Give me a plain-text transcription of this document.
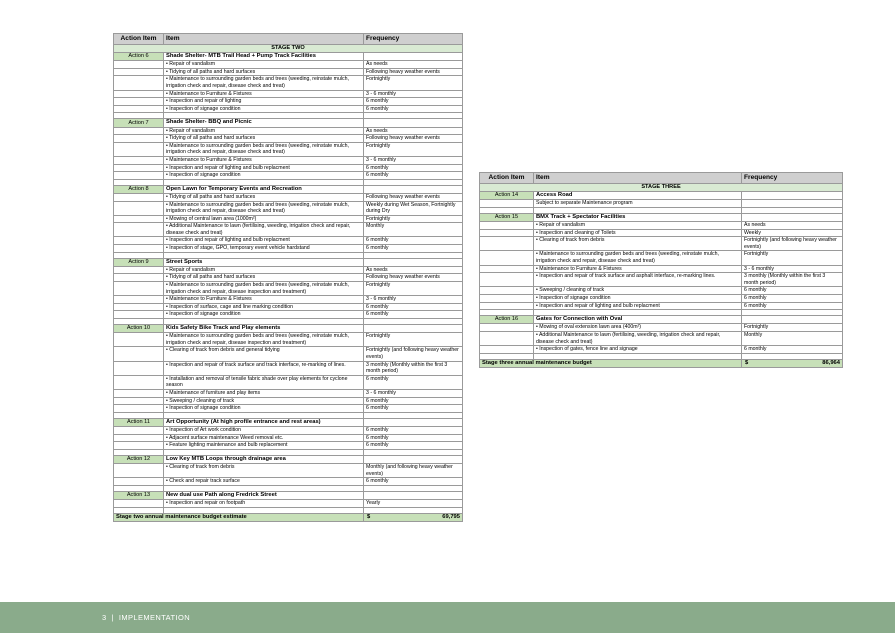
Action Item	Item	Frequency
STAGE TWO		
Action 6	Shade Shelter- MTB Trail Head + Pump Track Facilities	
	• Repair of vandalism	As needs
	• Tidying of all paths and hard surfaces	Following heavy weather events
	• Maintenance to surrounding garden beds and trees (weeding, reinstate mulch, irrigation check and repair, disease check and treat)	Fortnightly
	• Maintenance to Furniture & Fixtures	3 - 6 monthly
	• Inspection and repair of lighting	6 monthly
	• Inspection of signage condition	6 monthly

Action 7	Shade Shelter- BBQ and Picnic	
	• Repair of vandalism	As needs
	• Tidying of all paths and hard surfaces	Following heavy weather events
	• Maintenance to surrounding garden beds and trees (weeding, reinstate mulch, irrigation check and repair, disease check and treat)	Fortnightly
	• Maintenance to Furniture & Fixtures	3 - 6 monthly
	• Inspection and repair of lighting and bulb replacment	6 monthly
	• Inspection of signage condition	6 monthly

Action 8	Open Lawn for Temporary Events and Recreation	
	• Tidying of all paths and hard surfaces	Following heavy weather events
	• Maintenance to surrounding garden beds and trees (weeding, reinstate mulch, irrigation check and repair, disease check and treat)	Weekly during Wet Season, Fortnightly during Dry
	• Mowing of central lawn area (1000m²)	Fortnightly
	• Additional Maintenance to lawn (fertilising, weeding, irrigation check and repair, disease check and treat)	Monthly
	• Inspection and repair of lighting and bulb replacment	6 monthly
	• Inspection of stage, GPO, temporary event vehicle hardstand	6 monthly

Action 9	Street Sports	
	• Repair of vandalism	As needs
	• Tidying of all paths and hard surfaces	Following heavy weather events
	• Maintenance to surrounding garden beds and trees (weeding, reinstate mulch, irrigation check and repair, disease inspection and treatment)	Fortnightly
	• Maintenance to Furniture & Fixtures	3 - 6 monthly
	• Inspection of surface, cage and line marking condition	6 monthly
	• Inspection of signage condition	6 monthly

Action 10	Kids Safety Bike Track and Play elements	
	• Maintenance to surrounding garden beds and trees (weeding, reinstate mulch, irrigation check and repair, disease inspection and treatment)	Fortnightly
	• Clearing of track from debris and general tidying	Fortnightly (and following heavy weather events)
	• Inspection and repair of track surface and track interface, re-marking of lines.	3 monthly (Monthly within the first 3 month period)
	• Installation and removal of tensile fabric shade over play elements for cyclone season	6 monthly
	• Maintenance of furniture and play items	3 - 6 monthly
	• Sweeping / cleaning of track	6 monthly
	• Inspection of signage condition	6 monthly

Action 11	Art Opportunity (At high profile entrance and rest areas)	
	• Inspection of Art work condition	6 monthly
	• Adjacent surface maintenance Weed removal etc.	6 monthly
	• Feature lighting maintenance and bulb replacement	6 monthly

Action 12	Low Key MTB Loops through drainage area	
	• Clearing of track from debris	Monthly (and following heavy weather events)
	• Check and repair track surface	6 monthly

Action 13	New dual use Path along Fredrick Street	
	• Inspection and repair on footpath	Yearly

Stage two annual maintenance budget estimate		$ 69,795
Action Item	Item	Frequency
STAGE THREE		
Action 14	Access Road	
	Subject to separate Maintenance program	

Action 15	BMX Track + Spectator Facilities	
	• Repair of vandalism	As needs
	• Inspection and cleaning of Toilets	Weekly
	• Clearing of track from debris	Fortnightly (and following heavy weather events)
	• Maintenance to surrounding garden beds and trees (weeding, reinstate mulch, irrigation check and repair, disease check and treat)	Fortnightly
	• Maintenance to Furniture & Fixtures	3 - 6 monthly
	• Inspection and repair of track surface and asphalt interface, re-marking lines.	3 monthly (Monthly within the first 3 month period)
	• Sweeping / cleaning of track	6 monthly
	• Inspection of signage condition	6 monthly
	• Inspection and repair of lighting and bulb replacment	6 monthly

Action 16	Gates for Connection with Oval	
	• Mowing of oval extension lawn area (400m²)	Fortnightly
	• Additional Maintenance to lawn (fertilising, weeding, irrigation check and repair, disease check and treat)	Monthly
	• Inspection of gates, fence line and signage	6 monthly

Stage three annual maintenance budget		$ 86,964
3 | IMPLEMENTATION
